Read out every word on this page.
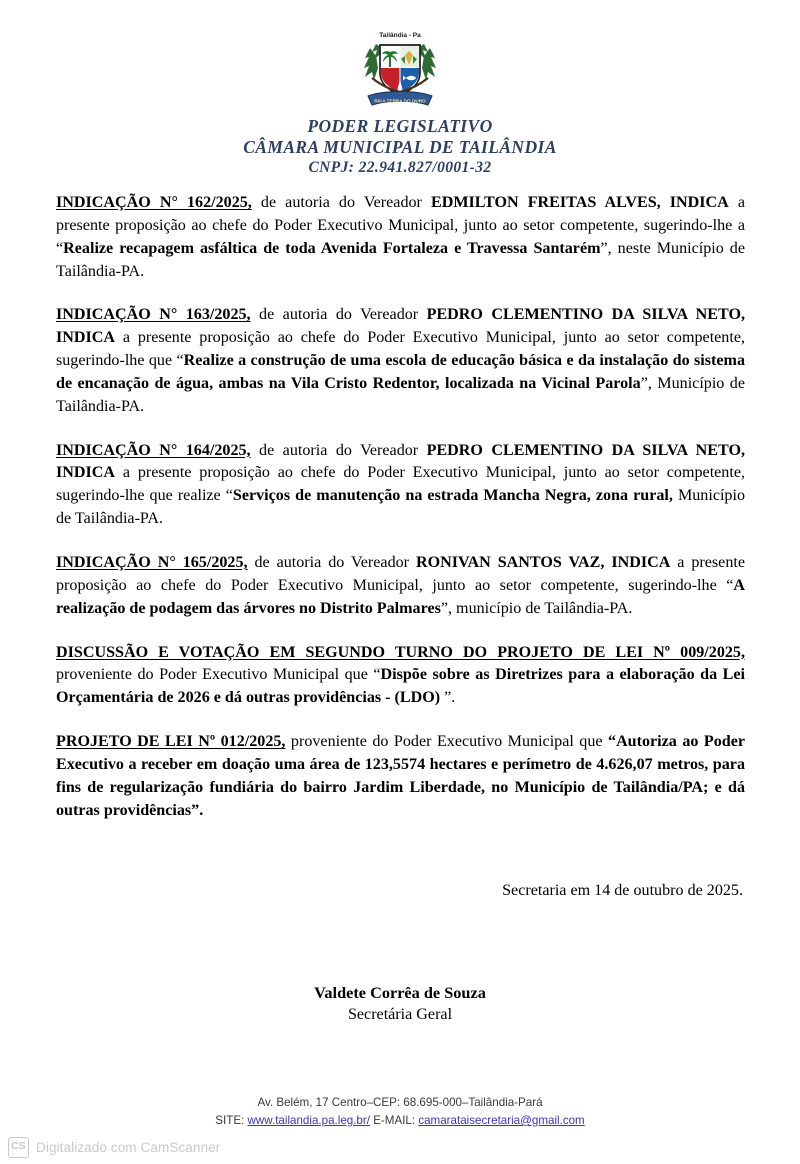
Tailândia - Pa
RICA TERRA DO OURO
PODER LEGISLATIVO
CÂMARA MUNICIPAL DE TAILÂNDIA
CNPJ: 22.941.827/0001-32

INDICAÇÃO N° 162/2025, de autoria do Vereador EDMILTON FREITAS ALVES, INDICA a presente proposição ao chefe do Poder Executivo Municipal, junto ao setor competente, sugerindo-lhe a “Realize recapagem asfáltica de toda Avenida Fortaleza e Travessa Santarém”, neste Município de Tailândia-PA.

INDICAÇÃO N° 163/2025, de autoria do Vereador PEDRO CLEMENTINO DA SILVA NETO, INDICA a presente proposição ao chefe do Poder Executivo Municipal, junto ao setor competente, sugerindo-lhe que “Realize a construção de uma escola de educação básica e da instalação do sistema de encanação de água, ambas na Vila Cristo Redentor, localizada na Vicinal Parola”, Município de Tailândia-PA.

INDICAÇÃO N° 164/2025, de autoria do Vereador PEDRO CLEMENTINO DA SILVA NETO, INDICA a presente proposição ao chefe do Poder Executivo Municipal, junto ao setor competente, sugerindo-lhe que realize “Serviços de manutenção na estrada Mancha Negra, zona rural, Município de Tailândia-PA.

INDICAÇÃO N° 165/2025, de autoria do Vereador RONIVAN SANTOS VAZ, INDICA a presente proposição ao chefe do Poder Executivo Municipal, junto ao setor competente, sugerindo-lhe “A realização de podagem das árvores no Distrito Palmares”, município de Tailândia-PA.

DISCUSSÃO E VOTAÇÃO EM SEGUNDO TURNO DO PROJETO DE LEI Nº 009/2025, proveniente do Poder Executivo Municipal que “Dispõe sobre as Diretrizes para a elaboração da Lei Orçamentária de 2026 e dá outras providências - (LDO) ”.

PROJETO DE LEI Nº 012/2025, proveniente do Poder Executivo Municipal que “Autoriza ao Poder Executivo a receber em doação uma área de 123,5574 hectares e perímetro de 4.626,07 metros, para fins de regularização fundiária do bairro Jardim Liberdade, no Município de Tailândia/PA; e dá outras providências”.

Secretaria em 14 de outubro de 2025.
Valdete Corrêa de Souza
Secretária Geral
Av. Belém, 17 Centro–CEP: 68.695-000–Tailândia-Pará
SITE: www.tailandia.pa.leg.br/ E-MAIL: camarataisecretaria@gmail.com
CS Digitalizado com CamScanner
